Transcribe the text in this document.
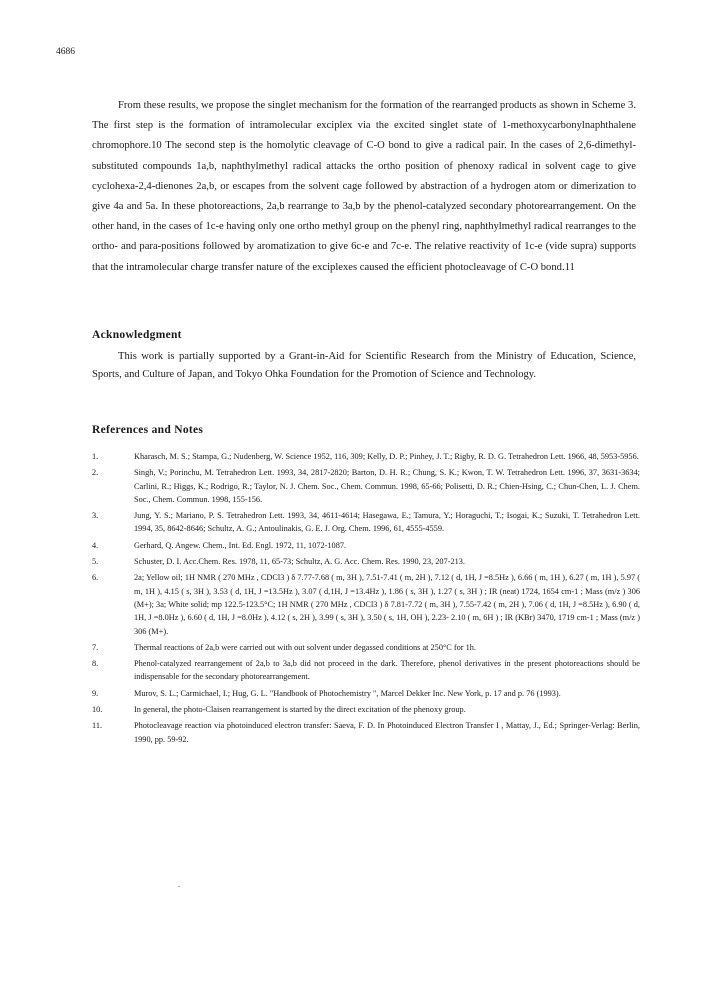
4686

From these results, we propose the singlet mechanism for the formation of the rearranged products as shown in Scheme 3. The first step is the formation of intramolecular exciplex via the excited singlet state of 1-methoxycarbonylnaphthalene chromophore.10 The second step is the homolytic cleavage of C-O bond to give a radical pair. In the cases of 2,6-dimethyl-substituted compounds 1a,b, naphthylmethyl radical attacks the ortho position of phenoxy radical in solvent cage to give cyclohexa-2,4-dienones 2a,b, or escapes from the solvent cage followed by abstraction of a hydrogen atom or dimerization to give 4a and 5a. In these photoreactions, 2a,b rearrange to 3a,b by the phenol-catalyzed secondary photorearrangement. On the other hand, in the cases of 1c-e having only one ortho methyl group on the phenyl ring, naphthylmethyl radical rearranges to the ortho- and para-positions followed by aromatization to give 6c-e and 7c-e. The relative reactivity of 1c-e (vide supra) supports that the intramolecular charge transfer nature of the exciplexes caused the efficient photocleavage of C-O bond.11

Acknowledgment

This work is partially supported by a Grant-in-Aid for Scientific Research from the Ministry of Education, Science, Sports, and Culture of Japan, and Tokyo Ohka Foundation for the Promotion of Science and Technology.

References and Notes
1.	Kharasch, M. S.; Stampa, G.; Nudenberg, W. Science 1952, 116, 309; Kelly, D. P.; Pinhey, J. T.; Rigby, R. D. G. Tetrahedron Lett. 1966, 48, 5953-5956.
2.	Singh, V.; Porinchu, M. Tetrahedron Lett. 1993, 34, 2817-2820; Barton, D. H. R.; Chung, S. K.; Kwon, T. W. Tetrahedron Lett. 1996, 37, 3631-3634; Carlini, R.; Higgs, K.; Rodrigo, R.; Taylor, N. J. Chem. Soc., Chem. Commun. 1998, 65-66; Polisetti, D. R.; Chien-Hsing, C.; Chun-Chen, L. J. Chem. Soc., Chem. Commun. 1998, 155-156.
3.	Jung, Y. S.; Mariano, P. S. Tetrahedron Lett. 1993, 34, 4611-4614; Hasegawa, E.; Tamura, Y.; Horaguchi, T.; Isogai, K.; Suzuki, T. Tetrahedron Lett. 1994, 35, 8642-8646; Schultz, A. G.; Antoulinakis, G. E. J. Org. Chem. 1996, 61, 4555-4559.
4.	Gerhard, Q. Angew. Chem., Int. Ed. Engl. 1972, 11, 1072-1087.
5.	Schuster, D. I. Acc.Chem. Res. 1978, 11, 65-73; Schultz, A. G. Acc. Chem. Res. 1990, 23, 207-213.
6.	2a; Yellow oil; 1H NMR ( 270 MHz , CDCl3 ) δ 7.77-7.68 ( m, 3H ), 7.51-7.41 ( m, 2H ), 7.12 ( d, 1H, J =8.5Hz ), 6.66 ( m, 1H ), 6.27 ( m, 1H ), 5.97 ( m, 1H ), 4.15 ( s, 3H ), 3.53 ( d, 1H, J =13.5Hz ), 3.07 ( d,1H, J =13.4Hz ), 1.86 ( s, 3H ), 1.27 ( s, 3H ) ; IR (neat) 1724, 1654 cm-1 ; Mass (m/z ) 306 (M+); 3a; White solid; mp 122.5-123.5°C; 1H NMR ( 270 MHz , CDCl3 ) δ 7.81-7.72 ( m, 3H ), 7.55-7.42 ( m, 2H ), 7.06 ( d, 1H, J =8.5Hz ), 6.90 ( d, 1H, J =8.0Hz ), 6.60 ( d, 1H, J =8.0Hz ), 4.12 ( s, 2H ), 3.99 ( s, 3H ), 3.50 ( s, 1H, OH ), 2.23- 2.10 ( m, 6H ) ; IR (KBr) 3470, 1719 cm-1 ; Mass (m/z ) 306 (M+).
7.	Thermal reactions of 2a,b were carried out with out solvent under degassed conditions at 250°C for 1h.
8.	Phenol-catalyzed rearrangement of 2a,b to 3a,b did not proceed in the dark. Therefore, phenol derivatives in the present photoreactions should be indispensable for the secondary photorearrangement.
9.	Murov, S. L.; Carmichael, I.; Hug, G. L. "Handbook of Photochemistry ", Marcel Dekker Inc. New York, p. 17 and p. 76 (1993).
10.	In general, the photo-Claisen rearrangement is started by the direct excitation of the phenoxy group.
11.	Photocleavage reaction via photoinduced electron transfer: Saeva, F. D. In Photoinduced Electron Transfer I , Mattay, J., Ed.; Springer-Verlag: Berlin, 1990, pp. 59-92.
.
